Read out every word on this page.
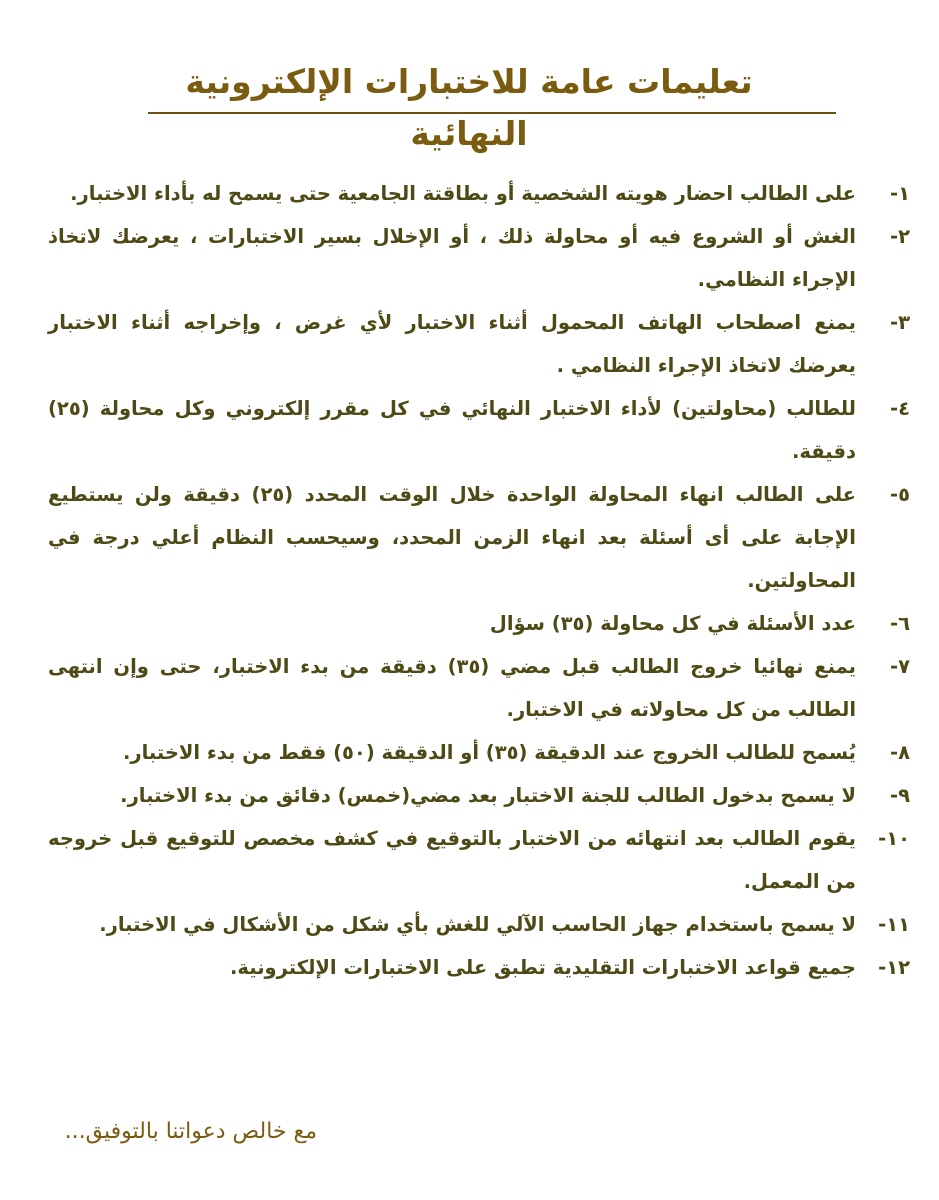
تعليمات عامة للاختبارات الإلكترونية النهائية
١-
على الطالب احضار هويته الشخصية أو بطاقتة الجامعية حتى يسمح له بأداء الاختبار.
٢-
الغش أو الشروع فيه أو محاولة ذلك ، أو الإخلال بسير الاختبارات ، يعرضك لاتخاذ الإجراء النظامي.
٣-
يمنع اصطحاب الهاتف المحمول أثناء الاختبار لأي غرض ، وإخراجه أثناء الاختبار يعرضك لاتخاذ الإجراء النظامي .
٤-
للطالب (محاولتين) لأداء الاختبار النهائي في كل مقرر إلكتروني وكل محاولة (٢٥) دقيقة.
٥-
على الطالب انهاء المحاولة الواحدة خلال الوقت المحدد (٢٥) دقيقة ولن يستطيع الإجابة على أى أسئلة بعد انهاء الزمن المحدد، وسيحسب النظام أعلي درجة في المحاولتين.
٦-
عدد الأسئلة في كل محاولة (٣٥) سؤال
٧-
يمنع نهائيا خروج الطالب قبل مضي (٣٥) دقيقة من بدء الاختبار، حتى وإن انتهى الطالب من كل محاولاته في الاختبار.
٨-
يُسمح للطالب الخروج عند الدقيقة (٣٥) أو الدقيقة (٥٠) فقط من بدء الاختبار.
٩-
لا يسمح بدخول الطالب للجنة الاختبار بعد مضي(خمس) دقائق من بدء الاختبار.
١٠-
يقوم الطالب بعد انتهائه من الاختبار بالتوقيع في كشف مخصص للتوقيع قبل خروجه من المعمل.
١١-
لا يسمح باستخدام جهاز الحاسب الآلي للغش بأي شكل من الأشكال في الاختبار.
١٢-
جميع قواعد الاختبارات التقليدية تطبق على الاختبارات الإلكترونية.
مع خالص دعواتنا بالتوفيق...
